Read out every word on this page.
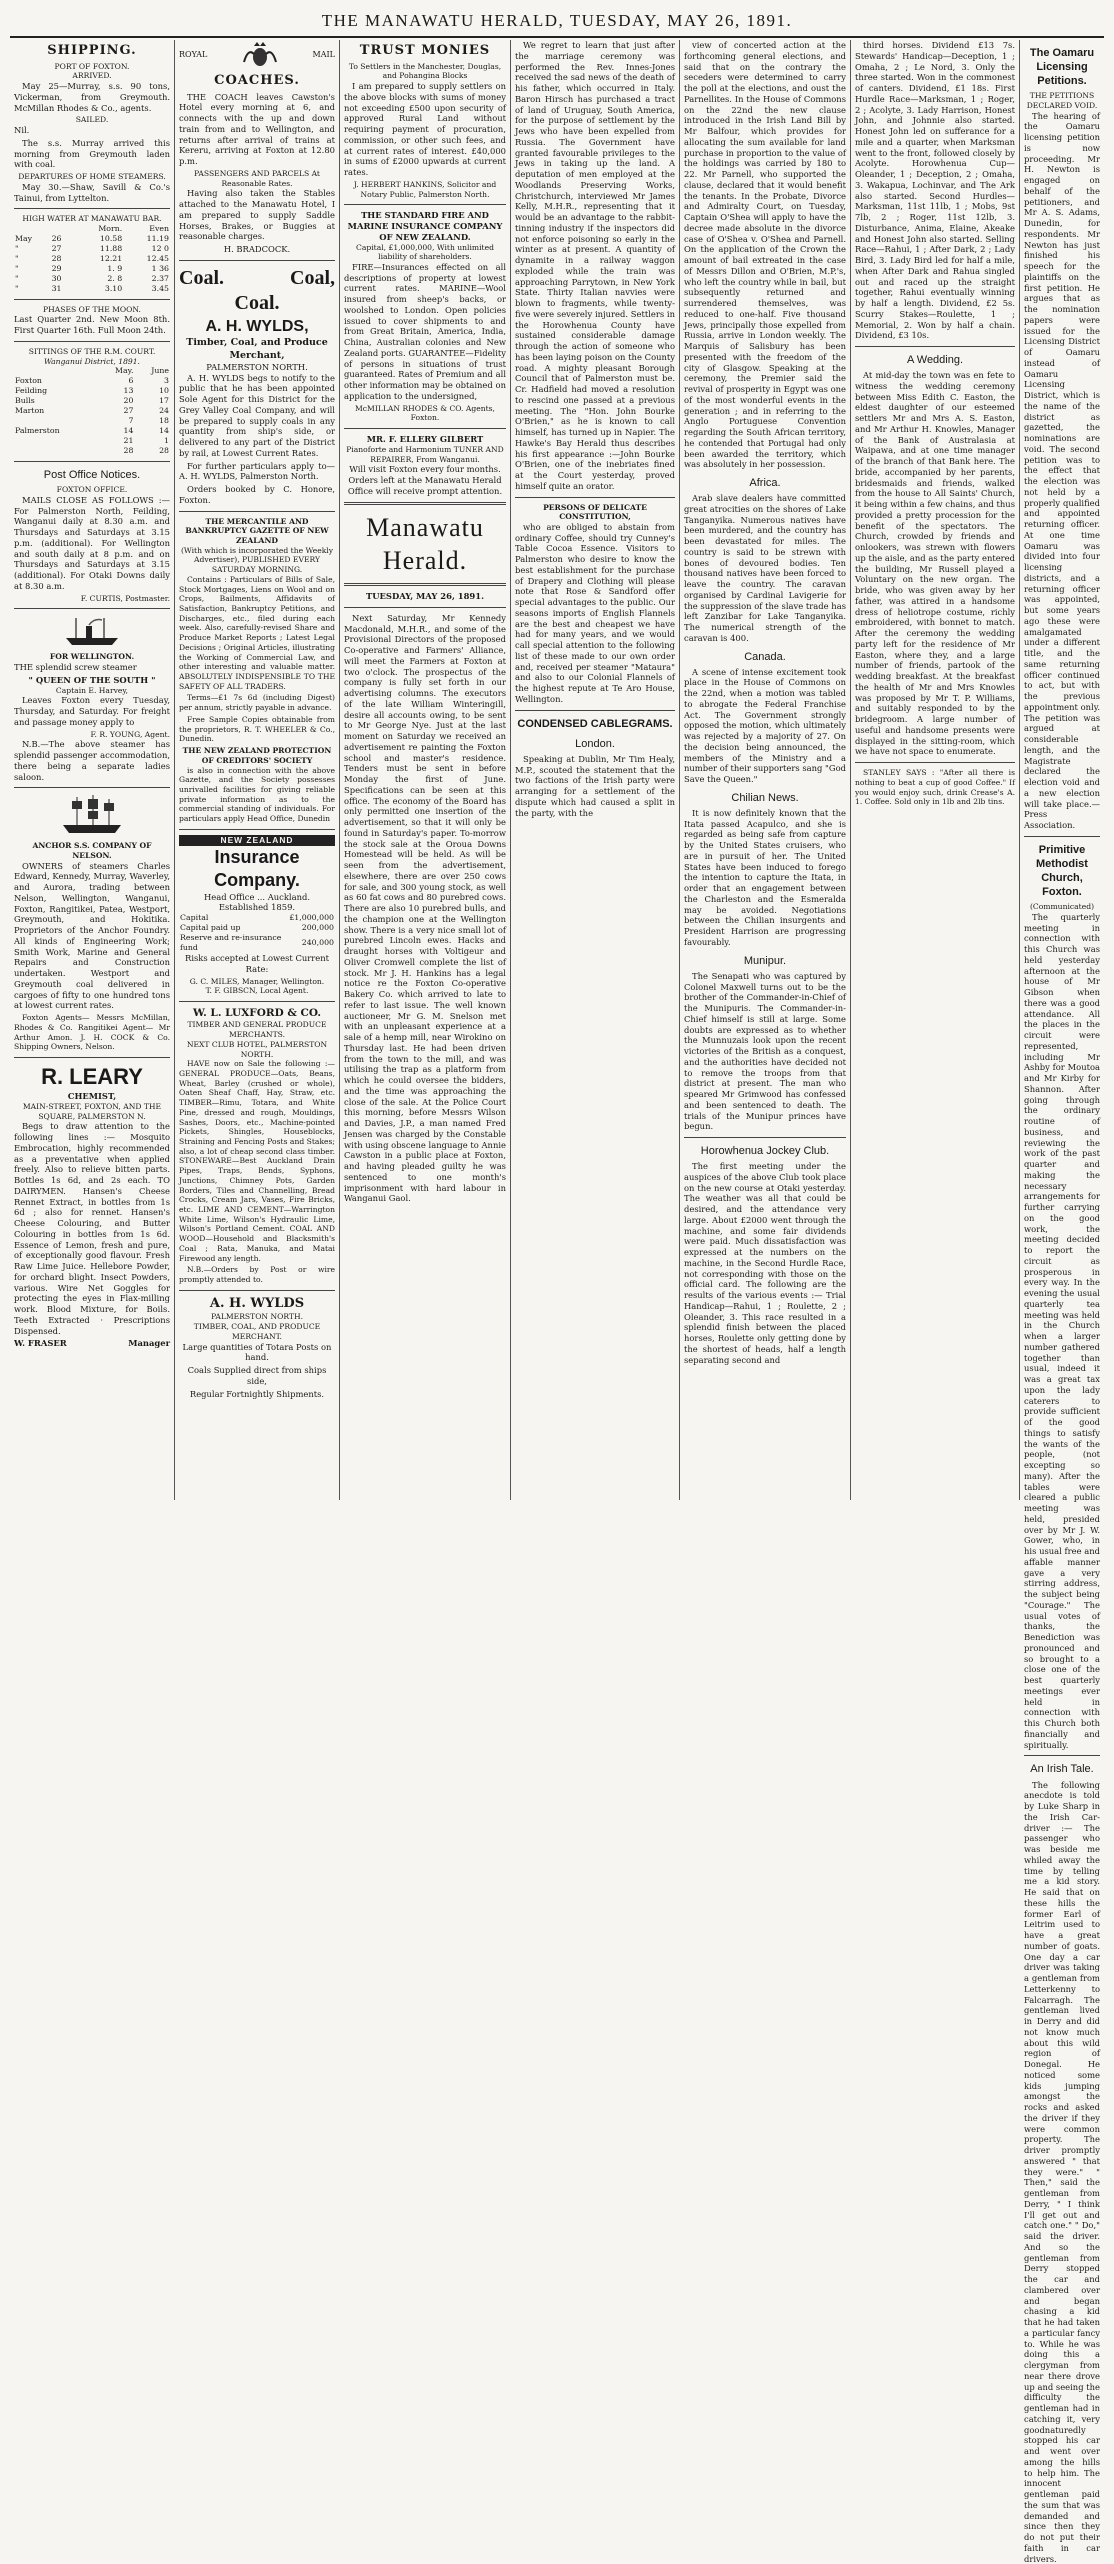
THE MANAWATU HERALD, TUESDAY, MAY 26, 1891.
SHIPPING.
PORT OF FOXTON.
ARRIVED.

May 25—Murray, s.s. 90 tons, Vickerman, from Greymouth. McMillan Rhodes & Co., agents.

SAILED.

Nil.

The s.s. Murray arrived this morning from Greymouth laden with coal.

DEPARTURES OF HOME STEAMERS.

May 30.—Shaw, Savill & Co.'s Tainui, from Lyttelton.

HIGH WATER AT MANAWATU BAR.
		Morn.	Even
May	26	10.58	11.19
"	27	11.88	12 0
"	28	12.21	12.45
"	29	1. 9	1 36
"	30	2. 8	2.37
"	31	3.10	3.45
PHASES OF THE MOON.

Last Quarter 2nd. New Moon 8th. First Quarter 16th. Full Moon 24th.

SITTINGS OF THE R.M. COURT.
Wanganui District, 1891.
	May.	June
Foxton	6	3
Feilding	13	10
Bulls	20	17
Marton	27	24
	7	18
Palmerston	14	14
	21	1
	28	28
Post Office Notices.
FOXTON OFFICE.

MAILS CLOSE AS FOLLOWS :— For Palmerston North, Feilding, Wanganui daily at 8.30 a.m. and Thursdays and Saturdays at 3.15 p.m. (additional). For Wellington and south daily at 8 p.m. and on Thursdays and Saturdays at 3.15 (additional). For Otaki Downs daily at 8.30 a.m.

F. CURTIS, Postmaster.
FOR WELLINGTON.

THE splendid screw steamer

" QUEEN OF THE SOUTH "
Captain E. Harvey,

Leaves Foxton every Tuesday, Thursday, and Saturday. For freight and passage money apply to

F. R. YOUNG, Agent.

N.B.—The above steamer has splendid passenger accommodation, there being a separate ladies saloon.

ANCHOR S.S. COMPANY OF NELSON.

OWNERS of steamers Charles Edward, Kennedy, Murray, Waverley, and Aurora, trading between Nelson, Wellington, Wanganui, Foxton, Rangitikei, Patea, Westport, Greymouth, and Hokitika. Proprietors of the Anchor Foundry. All kinds of Engineering Work; Smith Work, Marine and General Repairs and Construction undertaken. Westport and Greymouth coal delivered in cargoes of fifty to one hundred tons at lowest current rates.

Foxton Agents— Messrs McMillan, Rhodes & Co. Rangitikei Agent— Mr Arthur Amon. J. H. COCK & Co. Shipping Owners, Nelson.

R. LEARY
CHEMIST,
MAIN-STREET, FOXTON, AND THE SQUARE, PALMERSTON N.

Begs to draw attention to the following lines :— Mosquito Embrocation, highly recommended as a preventative when applied freely. Also to relieve bitten parts. Bottles 1s 6d, and 2s each. TO DAIRYMEN. Hansen's Cheese Rennet Extract, in bottles from 1s 6d ; also for rennet. Hansen's Cheese Colouring, and Butter Colouring in bottles from 1s 6d. Essence of Lemon, fresh and pure, of exceptionally good flavour. Fresh Raw Lime Juice. Hellebore Powder, for orchard blight. Insect Powders, various. Wire Net Goggles for protecting the eyes in Flax-milling work. Blood Mixture, for Boils. Teeth Extracted · Prescriptions Dispensed.

W. FRASER	Manager
ROYAL	MAIL
COACHES.

THE COACH leaves Cawston's Hotel every morning at 6, and connects with the up and down train from and to Wellington, and returns after arrival of trains at Kereru, arriving at Foxton at 12.80 p.m.

PASSENGERS AND PARCELS At Reasonable Rates.

Having also taken the Stables attached to the Manawatu Hotel, I am prepared to supply Saddle Horses, Brakes, or Buggies at reasonable charges.

H. BRADCOCK.
Coal.	Coal,
Coal.
A. H. WYLDS,
Timber, Coal, and Produce Merchant,
PALMERSTON NORTH.

A. H. WYLDS begs to notify to the public that he has been appointed Sole Agent for this District for the Grey Valley Coal Company, and will be prepared to supply coals in any quantity from ship's side, or delivered to any part of the District by rail, at Lowest Current Rates.

For further particulars apply to— A. H. WYLDS, Palmerston North.

Orders booked by C. Honore, Foxton.

THE MERCANTILE AND BANKRUPTCY GAZETTE OF NEW ZEALAND
(With which is incorporated the Weekly Advertiser), PUBLISHED EVERY SATURDAY MORNING.

Contains : Particulars of Bills of Sale, Stock Mortgages, Liens on Wool and on Crops, Bailments, Affidavits of Satisfaction, Bankruptcy Petitions, and Discharges, etc., filed during each week. Also, carefully-revised Share and Produce Market Reports ; Latest Legal Decisions ; Original Articles, illustrating the Working of Commercial Law, and other interesting and valuable matter. ABSOLUTELY INDISPENSIBLE TO THE SAFETY OF ALL TRADERS.

Terms—£1 7s 6d (including Digest) per annum, strictly payable in advance.

Free Sample Copies obtainable from the proprietors, R. T. WHEELER & Co., Dunedin.

THE NEW ZEALAND PROTECTION OF CREDITORS' SOCIETY

is also in connection with the above Gazette, and the Society possesses unrivalled facilities for giving reliable private information as to the commercial standing of individuals. For particulars apply Head Office, Dunedin

NEW ZEALAND
Insurance Company.
Head Office ... Auckland.
Established 1859.
Capital	£1,000,000
Capital paid up	200,000
Reserve and re-insurance fund	240,000

Risks accepted at Lowest Current Rate:

G. C. MILES, Manager, Wellington.
T. F. GIBSCN, Local Agent.
W. L. LUXFORD & CO.
TIMBER AND GENERAL PRODUCE MERCHANTS.
NEXT CLUB HOTEL, PALMERSTON NORTH.

HAVE now on Sale the following :— GENERAL PRODUCE—Oats, Beans, Wheat, Barley (crushed or whole), Oaten Sheaf Chaff, Hay, Straw, etc. TIMBER—Rimu, Totara, and White Pine, dressed and rough, Mouldings, Sashes, Doors, etc., Machine-pointed Pickets, Shingles, Houseblocks, Straining and Fencing Posts and Stakes; also, a lot of cheap second class timber. STONEWARE—Best Auckland Drain Pipes, Traps, Bends, Syphons, Junctions, Chimney Pots, Garden Borders, Tiles and Channelling, Bread Crocks, Cream Jars, Vases, Fire Bricks, etc. LIME AND CEMENT—Warrington White Lime, Wilson's Hydraulic Lime, Wilson's Portland Cement. COAL AND WOOD—Household and Blacksmith's Coal ; Rata, Manuka, and Matai Firewood any length.

N.B.—Orders by Post or wire promptly attended to.

A. H. WYLDS
PALMERSTON NORTH.
TIMBER, COAL, AND PRODUCE MERCHANT.

Large quantities of Totara Posts on hand.

Coals Supplied direct from ships side,

Regular Fortnightly Shipments.

TRUST MONIES
To Settlers in the Manchester, Douglas, and Pohangina Blocks

I am prepared to supply settlers on the above blocks with sums of money not exceeding £500 upon security of approved Rural Land without requiring payment of procuration, commission, or other such fees, and at current rates of interest. £40,000 in sums of £2000 upwards at current rates.

J. HERBERT HANKINS, Solicitor and Notary Public, Palmerston North.
THE STANDARD FIRE AND MARINE INSURANCE COMPANY OF NEW ZEALAND.
Capital, £1,000,000, With unlimited liability of shareholders.

FIRE—Insurances effected on all descriptions of property at lowest current rates. MARINE—Wool insured from sheep's backs, or woolshed to London. Open policies issued to cover shipments to and from Great Britain, America, India, China, Australian colonies and New Zealand ports. GUARANTEE—Fidelity of persons in situations of trust guaranteed. Rates of Premium and all other information may be obtained on application to the undersigned,

McMILLAN RHODES & CO. Agents, Foxton.
MR. F. ELLERY GILBERT
Pianoforte and Harmonium TUNER AND REPAIRER, From Wanganui.

Will visit Foxton every four months. Orders left at the Manawatu Herald Office will receive prompt attention.

Manawatu Herald.
TUESDAY, MAY 26, 1891.

Next Saturday, Mr Kennedy Macdonald, M.H.R., and some of the Provisional Directors of the proposed Co-operative and Farmers' Alliance, will meet the Farmers at Foxton at two o'clock. The prospectus of the company is fully set forth in our advertising columns. The executors of the late William Winteringill, desire all accounts owing, to be sent to Mr George Nye. Just at the last moment on Saturday we received an advertisement re painting the Foxton school and master's residence. Tenders must be sent in before Monday the first of June. Specifications can be seen at this office. The economy of the Board has only permitted one insertion of the advertisement, so that it will only be found in Saturday's paper. To-morrow the stock sale at the Oroua Downs Homestead will be held. As will be seen from the advertisement, elsewhere, there are over 250 cows for sale, and 300 young stock, as well as 60 fat cows and 80 purebred cows. There are also 10 purebred bulls, and the champion one at the Wellington show. There is a very nice small lot of purebred Lincoln ewes. Hacks and draught horses with Voltigeur and Oliver Cromwell complete the list of stock. Mr J. H. Hankins has a legal notice re the Foxton Co-operative Bakery Co. which arrived to late to refer to last issue. The well known auctioneer, Mr G. M. Snelson met with an unpleasant experience at a sale of a hemp mill, near Wirokino on Thursday last. He had been driven from the town to the mill, and was utilising the trap as a platform from which he could oversee the bidders, and the time was approaching the close of the sale. At the Police Court this morning, before Messrs Wilson and Davies, J.P., a man named Fred Jensen was charged by the Constable with using obscene language to Annie Cawston in a public place at Foxton, and having pleaded guilty he was sentenced to one month's imprisonment with hard labour in Wanganui Gaol.

We regret to learn that just after the marriage ceremony was performed the Rev. Innes-Jones received the sad news of the death of his father, which occurred in Italy. Baron Hirsch has purchased a tract of land of Uruguay, South America, for the purpose of settlement by the Jews who have been expelled from Russia. The Government have granted favourable privileges to the Jews in taking up the land. A deputation of men employed at the Woodlands Preserving Works, Christchurch, interviewed Mr James Kelly, M.H.R., representing that it would be an advantage to the rabbit-tinning industry if the inspectors did not enforce poisoning so early in the winter as at present. A quantity of dynamite in a railway waggon exploded while the train was approaching Parrytown, in New York State. Thirty Italian navvies were blown to fragments, while twenty-five were severely injured. Settlers in the Horowhenua County have sustained considerable damage through the action of someone who has been laying poison on the County road. A mighty pleasant Borough Council that of Palmerston must be. Cr. Hadfield had moved a resolution to rescind one passed at a previous meeting. The "Hon. John Bourke O'Brien," as he is known to call himself, has turned up in Napier. The Hawke's Bay Herald thus describes his first appearance :—John Bourke O'Brien, one of the inebriates fined at the Court yesterday, proved himself quite an orator.

PERSONS OF DELICATE CONSTITUTION,

who are obliged to abstain from ordinary Coffee, should try Cunney's Table Cocoa Essence. Visitors to Palmerston who desire to know the best establishment for the purchase of Drapery and Clothing will please note that Rose & Sandford offer special advantages to the public. Our seasons imports of English Flannels are the best and cheapest we have had for many years, and we would call special attention to the following list of these made to our own order and, received per steamer "Mataura" and also to our Colonial Flannels of the highest repute at Te Aro House, Wellington.

CONDENSED CABLEGRAMS.
London.

Speaking at Dublin, Mr Tim Healy, M.P., scouted the statement that the two factions of the Irish party were arranging for a settlement of the dispute which had caused a split in the party, with the

view of concerted action at the forthcoming general elections, and said that on the contrary the seceders were determined to carry the poll at the elections, and oust the Parnellites. In the House of Commons on the 22nd the new clause introduced in the Irish Land Bill by Mr Balfour, which provides for allocating the sum available for land purchase in proportion to the value of the holdings was carried by 180 to 22. Mr Parnell, who supported the clause, declared that it would benefit the tenants. In the Probate, Divorce and Admiralty Court, on Tuesday, Captain O'Shea will apply to have the decree made absolute in the divorce case of O'Shea v. O'Shea and Parnell. On the application of the Crown the amount of bail extreated in the case of Messrs Dillon and O'Brien, M.P.'s, who left the country while in bail, but subsequently returned and surrendered themselves, was reduced to one-half. Five thousand Jews, principally those expelled from Russia, arrive in London weekly. The Marquis of Salisbury has been presented with the freedom of the city of Glasgow. Speaking at the ceremony, the Premier said the revival of prosperity in Egypt was one of the most wonderful events in the generation ; and in referring to the Anglo Portuguese Convention regarding the South African territory, he contended that Portugal had only been awarded the territory, which was absolutely in her possession.

Africa.

Arab slave dealers have committed great atrocities on the shores of Lake Tanganyika. Numerous natives have been murdered, and the country has been devastated for miles. The country is said to be strewn with bones of devoured bodies. Ten thousand natives have been forced to leave the country. The caravan organised by Cardinal Lavigerie for the suppression of the slave trade has left Zanzibar for Lake Tanganyika. The numerical strength of the caravan is 400.

Canada.

A scene of intense excitement took place in the House of Commons on the 22nd, when a motion was tabled to abrogate the Federal Franchise Act. The Government strongly opposed the motion, which ultimately was rejected by a majority of 27. On the decision being announced, the members of the Ministry and a number of their supporters sang "God Save the Queen."

Chilian News.

It is now definitely known that the Itata passed Acapulco, and she is regarded as being safe from capture by the United States cruisers, who are in pursuit of her. The United States have been induced to forego the intention to capture the Itata, in order that an engagement between the Charleston and the Esmeralda may be avoided. Negotiations between the Chilian insurgents and President Harrison are progressing favourably.

Munipur.

The Senapati who was captured by Colonel Maxwell turns out to be the brother of the Commander-in-Chief of the Munipuris. The Commander-in-Chief himself is still at large. Some doubts are expressed as to whether the Munnuzais look upon the recent victories of the British as a conquest, and the authorities have decided not to remove the troops from that district at present. The man who speared Mr Grimwood has confessed and been sentenced to death. The trials of the Munipur princes have begun.

Horowhenua Jockey Club.

The first meeting under the auspices of the above Club took place on the new course at Otaki yesterday. The weather was all that could be desired, and the attendance very large. About £2000 went through the machine, and some fair dividends were paid. Much dissatisfaction was expressed at the numbers on the machine, in the Second Hurdle Race, not corresponding with those on the official card. The following are the results of the various events :— Trial Handicap—Rahui, 1 ; Roulette, 2 ; Oleander, 3. This race resulted in a splendid finish between the placed horses, Roulette only getting done by the shortest of heads, half a length separating second and

third horses. Dividend £13 7s. Stewards' Handicap—Deception, 1 ; Omaha, 2 ; Le Nord, 3. Only the three started. Won in the commonest of canters. Dividend, £1 18s. First Hurdle Race—Marksman, 1 ; Roger, 2 ; Acolyte, 3. Lady Harrison, Honest John, and Johnnie also started. Honest John led on sufferance for a mile and a quarter, when Marksman went to the front, followed closely by Acolyte. Horowhenua Cup—Oleander, 1 ; Deception, 2 ; Omaha, 3. Wakapua, Lochinvar, and The Ark also started. Second Hurdles—Marksman, 11st 11lb, 1 ; Mobs, 9st 7lb, 2 ; Roger, 11st 12lb, 3. Disturbance, Anima, Elaine, Akeake and Honest John also started. Selling Race—Rahui, 1 ; After Dark, 2 ; Lady Bird, 3. Lady Bird led for half a mile, when After Dark and Rahua singled out and raced up the straight together, Rahui eventually winning by half a length. Dividend, £2 5s. Scurry Stakes—Roulette, 1 ; Memorial, 2. Won by half a chain. Dividend, £3 10s.

A Wedding.

At mid-day the town was en fete to witness the wedding ceremony between Miss Edith C. Easton, the eldest daughter of our esteemed settlers Mr and Mrs A. S. Easton, and Mr Arthur H. Knowles, Manager of the Bank of Australasia at Waipawa, and at one time manager of the branch of that Bank here. The bride, accompanied by her parents, bridesmaids and friends, walked from the house to All Saints' Church, it being within a few chains, and thus provided a pretty procession for the benefit of the spectators. The Church, crowded by friends and onlookers, was strewn with flowers up the aisle, and as the party entered the building, Mr Russell played a Voluntary on the new organ. The bride, who was given away by her father, was attired in a handsome dress of heliotrope costume, richly embroidered, with bonnet to match. After the ceremony the wedding party left for the residence of Mr Easton, where they, and a large number of friends, partook of the wedding breakfast. At the breakfast the health of Mr and Mrs Knowles was proposed by Mr T. P. Williams, and suitably responded to by the bridegroom. A large number of useful and handsome presents were displayed in the sitting-room, which we have not space to enumerate.

STANLEY SAYS : "After all there is nothing to beat a cup of good Coffee." If you would enjoy such, drink Crease's A. 1. Coffee. Sold only in 1lb and 2lb tins.

The Oamaru Licensing Petitions.
THE PETITIONS DECLARED VOID.

The hearing of the Oamaru licensing petition is now proceeding. Mr H. Newton is engaged on behalf of the petitioners, and Mr A. S. Adams, Dunedin, for respondents. Mr Newton has just finished his speech for the plaintiffs on the first petition. He argues that as the nomination papers were issued for the Licensing District of Oamaru instead of Oamaru Licensing District, which is the name of the district as gazetted, the nominations are void. The second petition was to the effect that the election was not held by a properly qualified and appointed returning officer. At one time Oamaru was divided into four licensing districts, and a returning officer was appointed, but some years ago these were amalgamated under a different title, and the same returning officer continued to act, but with the previous appointment only. The petition was argued at considerable length, and the Magistrate declared the election void and a new election will take place.—Press Association.

Primitive Methodist Church, Foxton.
(Communicated)

The quarterly meeting in connection with this Church was held yesterday afternoon at the house of Mr Gibson when there was a good attendance. All the places in the circuit were represented, including Mr Ashby for Moutoa and Mr Kirby for Shannon. After going through the ordinary routine of business, and reviewing the work of the past quarter and making the necessary arrangements for further carrying on the good work, the meeting decided to report the circuit as prosperous in every way. In the evening the usual quarterly tea meeting was held in the Church when a larger number gathered together than usual, indeed it was a great tax upon the lady caterers to provide sufficient of the good things to satisfy the wants of the people, (not excepting so many). After the tables were cleared a public meeting was held, presided over by Mr J. W. Gower, who, in his usual free and affable manner gave a very stirring address, the subject being "Courage." The usual votes of thanks, the Benediction was pronounced and so brought to a close one of the best quarterly meetings ever held in connection with this Church both financially and spiritually.

An Irish Tale.

The following anecdote is told by Luke Sharp in the Irish Car-driver :— The passenger who was beside me whiled away the time by telling me a kid story. He said that on these hills the former Earl of Leitrim used to have a great number of goats. One day a car driver was taking a gentleman from Letterkenny to Falcarragh. The gentleman lived in Derry and did not know much about this wild region of Donegal. He noticed some kids jumping amongst the rocks and asked the driver if they were common property. The driver promptly answered " that they were." " Then," said the gentleman from Derry, " I think I'll get out and catch one." " Do," said the driver. And so the gentleman from Derry stopped the car and clambered over and began chasing a kid that he had taken a particular fancy to. While he was doing this a clergyman from near there drove up and seeing the difficulty the gentleman had in catching it, very goodnaturedly stopped his car and went over among the hills to help him. The innocent gentleman paid the sum that was demanded and since then they do not put their faith in car drivers.
